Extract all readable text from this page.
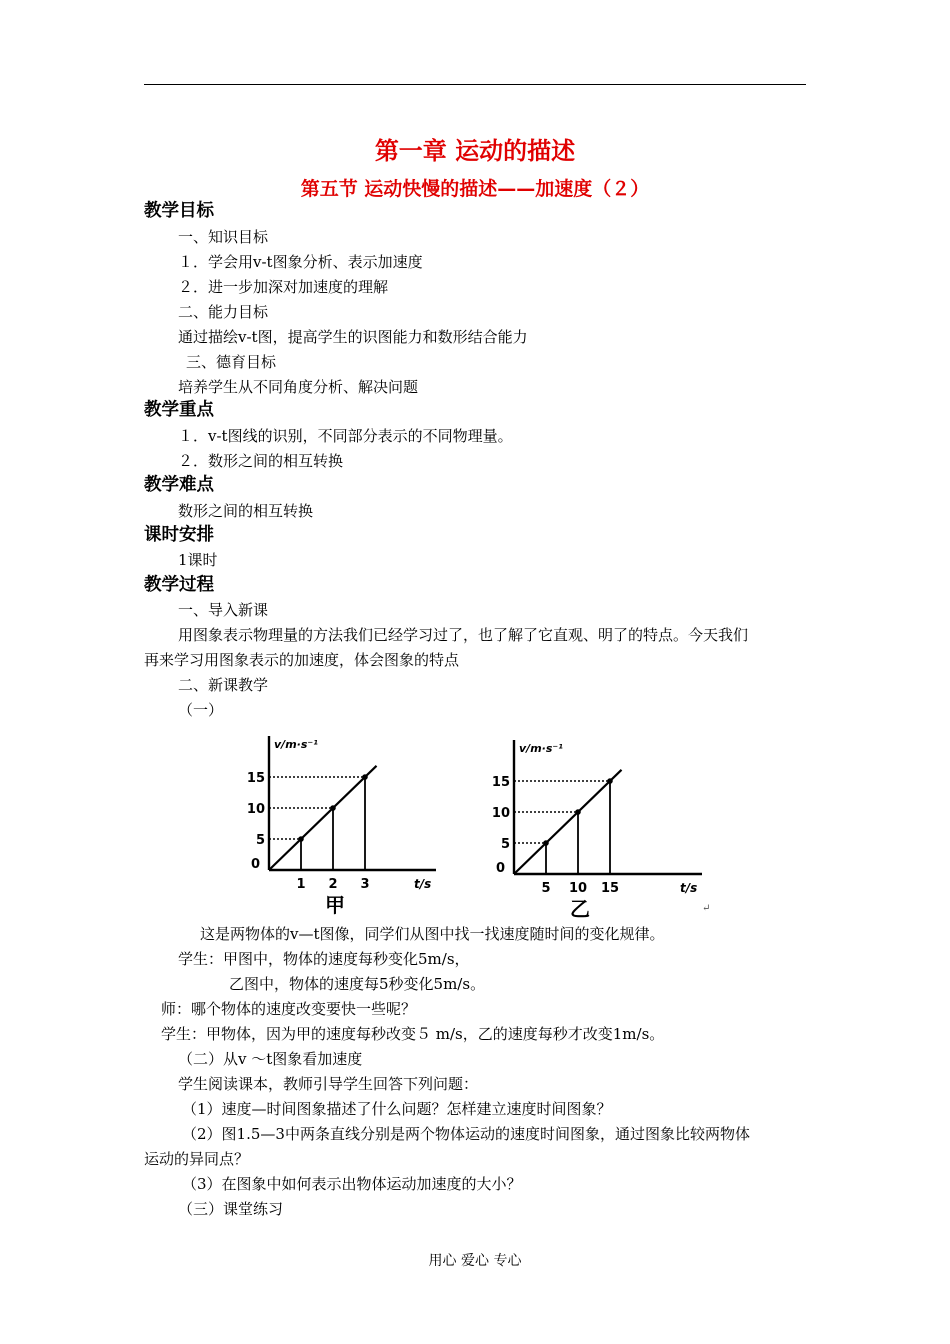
第一章 运动的描述
第五节 运动快慢的描述——加速度（２）
教学目标
一、知识目标
１．学会用v-t图象分析、表示加速度
２．进一步加深对加速度的理解
二、能力目标
通过描绘v-t图，提高学生的识图能力和数形结合能力
三、德育目标
培养学生从不同角度分析、解决问题
教学重点
１．v-t图线的识别，不同部分表示的不同物理量。
２．数形之间的相互转换
教学难点
数形之间的相互转换
课时安排
1课时
教学过程
一、导入新课
用图象表示物理量的方法我们已经学习过了，也了解了它直观、明了的特点。今天我们
再来学习用图象表示的加速度，体会图象的特点
二、新课教学
（一）
v/m·s⁻¹
t/s
0
1
5
2
10
3
15
甲
v/m·s⁻¹
t/s
0
5
5
10
10
15
15
乙	↵
这是两物体的v—t图像，同学们从图中找一找速度随时间的变化规律。
学生：甲图中，物体的速度每秒变化5m/s，
乙图中，物体的速度每5秒变化5m/s。
师：哪个物体的速度改变要快一些呢？
学生：甲物体，因为甲的速度每秒改变５ m/s，乙的速度每秒才改变1m/s。
（二）从v ～t图象看加速度
学生阅读课本，教师引导学生回答下列问题：
（1）速度—时间图象描述了什么问题？怎样建立速度时间图象？
（2）图1.5—3中两条直线分别是两个物体运动的速度时间图象，通过图象比较两物体
运动的异同点？
（3）在图象中如何表示出物体运动加速度的大小？
（三）课堂练习
用心 爱心 专心
